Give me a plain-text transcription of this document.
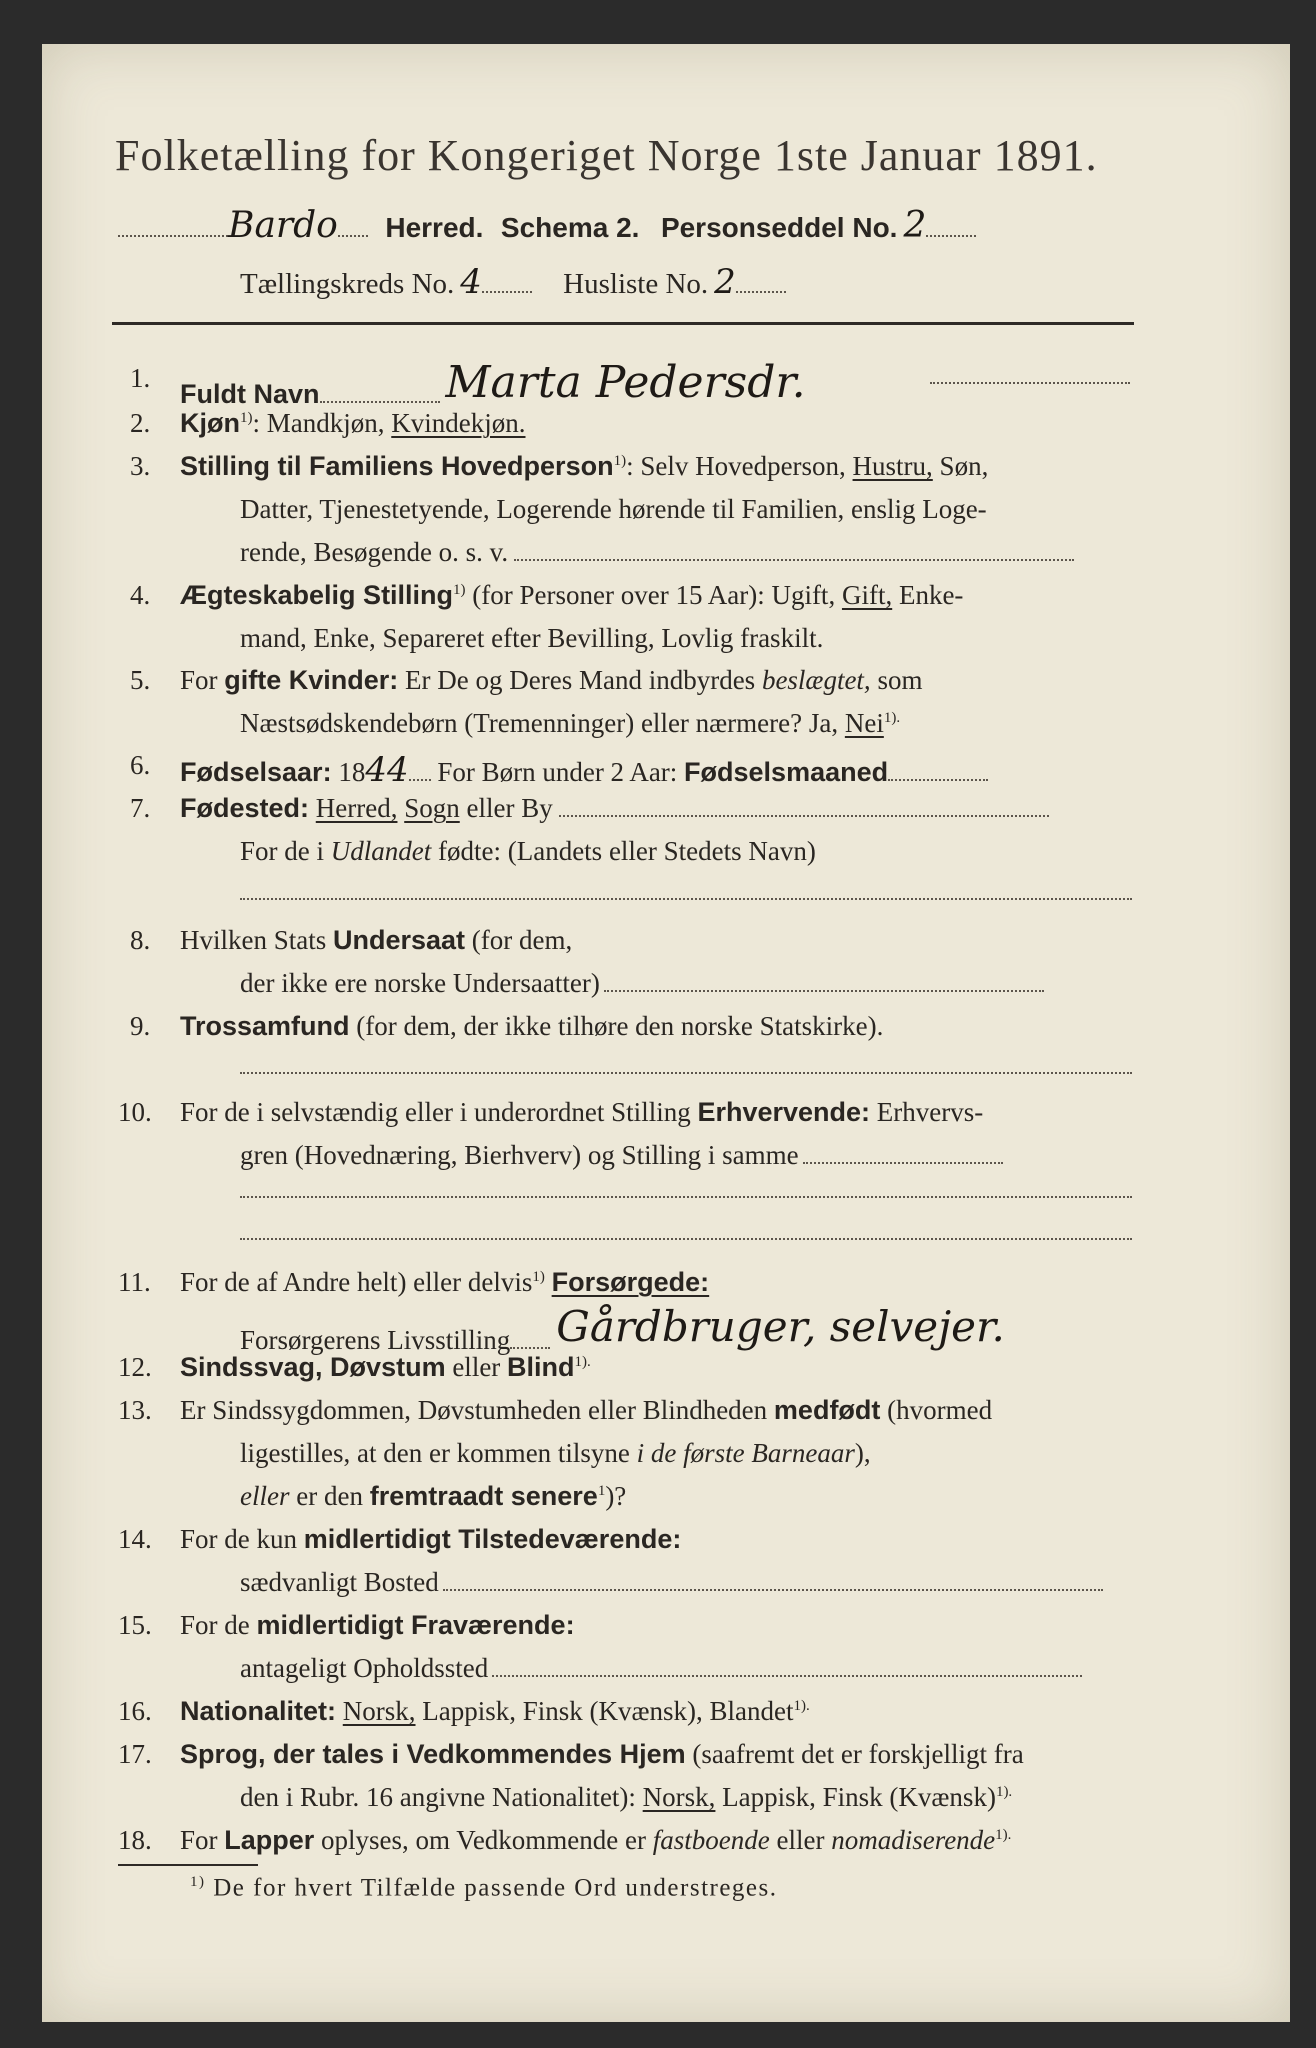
Folketælling for Kongeriget Norge 1ste Januar 1891.
Bardo Herred. Schema 2. Personseddel No. 2
Tællingskreds No. 4	Husliste No. 2
1.
Fuldt Navn	Marta Pedersdr.
2. Kjøn$^{1)}$: Mandkjøn, Kvindekjøn.
3. Stilling til Familiens Hovedperson$^{1)}$: Selv Hovedperson, Hustru, Søn,
Datter, Tjenestetyende, Logerende hørende til Familien, enslig Loge-
rende, Besøgende o. s. v.
4. Ægteskabelig Stilling$^{1)}$ (for Personer over 15 Aar): Ugift, Gift, Enke-
mand, Enke, Separeret efter Bevilling, Lovlig fraskilt.
5. For gifte Kvinder: Er De og Deres Mand indbyrdes beslægtet, som
Næstsødskendebørn (Tremenninger) eller nærmere? Ja, Nei$^{1).}$
6. Fødselsaar: 1844 For Børn under 2 Aar: Fødselsmaaned
7. Fødested: Herred, Sogn eller By
For de i Udlandet fødte: (Landets eller Stedets Navn)
8. Hvilken Stats Undersaat (for dem,
der ikke ere norske Undersaatter)
9. Trossamfund (for dem, der ikke tilhøre den norske Statskirke).
10. For de i selvstændig eller i underordnet Stilling Erhvervende: Erhvervs-
gren (Hovednæring, Bierhverv) og Stilling i samme
11. For de af Andre helt) eller delvis$^{1)}$ Forsørgede:
Forsørgerens Livsstilling Gårdbruger, selvejer.
12. Sindssvag, Døvstum eller Blind$^{1).}$
13. Er Sindssygdommen, Døvstumheden eller Blindheden medfødt (hvormed
ligestilles, at den er kommen tilsyne i de første Barneaar),
eller er den fremtraadt senere$^1$)?
14. For de kun midlertidigt Tilstedeværende:
sædvanligt Bosted
15. For de midlertidigt Fraværende:
antageligt Opholdssted
16. Nationalitet: Norsk, Lappisk, Finsk (Kvænsk), Blandet$^{1).}$
17. Sprog, der tales i Vedkommendes Hjem (saafremt det er forskjelligt fra
den i Rubr. 16 angivne Nationalitet): Norsk, Lappisk, Finsk (Kvænsk)$^{1).}$
18. For Lapper oplyses, om Vedkommende er fastboende eller nomadiserende$^{1).}$
$^{1)}$ De for hvert Tilfælde passende Ord understreges.
